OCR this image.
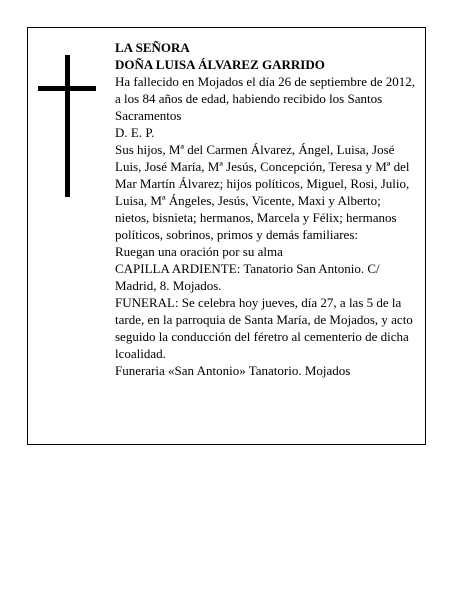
LA SEÑORA

DOÑA LUISA ÁLVAREZ GARRIDO

Ha fallecido en Mojados el día 26 de septiembre de 2012, a los 84 años de edad, habiendo recibido los Santos Sacramentos

D. E. P.

Sus hijos, Mª del Carmen Álvarez, Ángel, Luisa, José Luis, José María, Mª Jesús, Concepción, Teresa y Mª del Mar Martín Álvarez; hijos políticos, Miguel, Rosi, Julio, Luisa, Mª Ángeles, Jesús, Vicente, Maxi y Alberto; nietos, bisnieta; hermanos, Marcela y Félix; hermanos políticos, sobrinos, primos y demás familiares:

Ruegan una oración por su alma

CAPILLA ARDIENTE: Tanatorio San Antonio. C/ Madrid, 8. Mojados.

FUNERAL: Se celebra hoy jueves, día 27, a las 5 de la tarde, en la parroquia de Santa María, de Mojados, y acto seguido la conducción del féretro al cementerio de dicha lcoalidad.

Funeraria «San Antonio» Tanatorio. Mojados
